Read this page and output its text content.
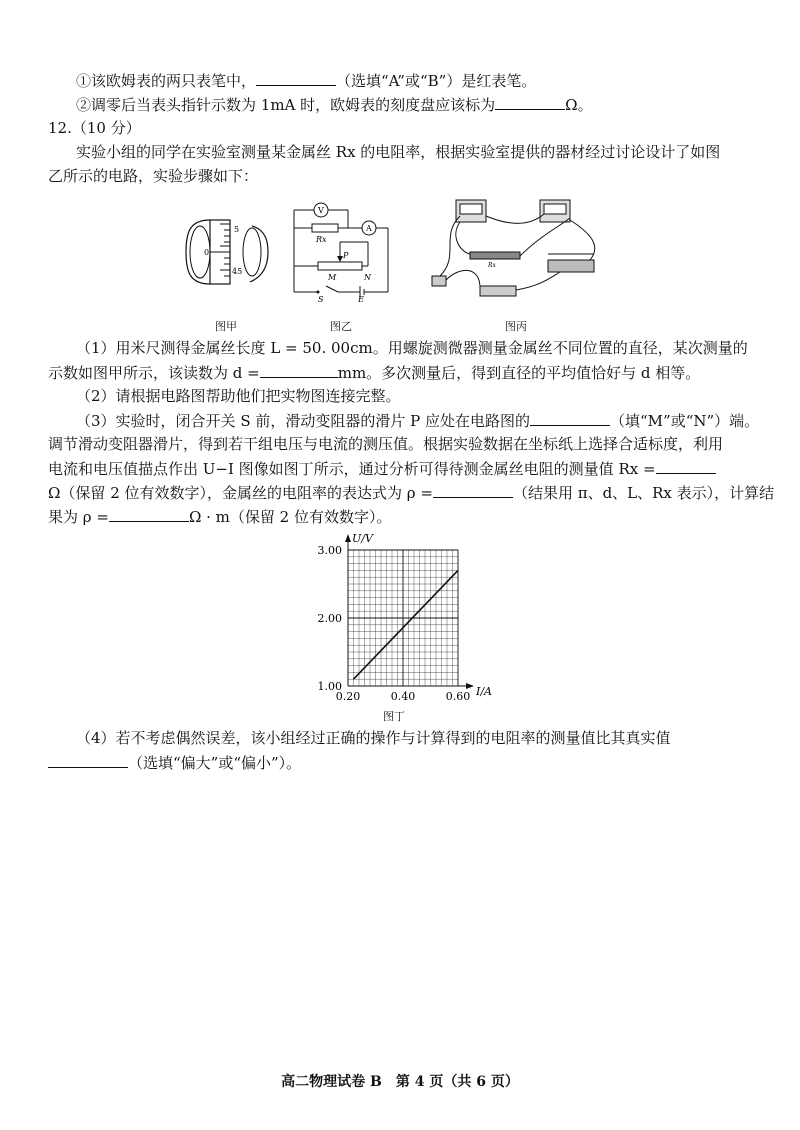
①该欧姆表的两只表笔中，	（选填“A”或“B”）是红表笔。
②调零后当表头指针示数为 1mA 时，欧姆表的刻度盘应该标为	Ω。
12.（10 分）
实验小组的同学在实验室测量某金属丝 Rx 的电阻率，根据实验室提供的器材经过讨论设计了如图
乙所示的电路，实验步骤如下：
5
0
45
图甲
V
A
Rx
P
M	N
S	E
图乙
Rx
图丙
（1）用米尺测得金属丝长度 L = 50. 00cm。用螺旋测微器测量金属丝不同位置的直径，某次测量的
示数如图甲所示，该读数为 d =	mm。多次测量后，得到直径的平均值恰好与 d 相等。
（2）请根据电路图帮助他们把实物图连接完整。
（3）实验时，闭合开关 S 前，滑动变阻器的滑片 P 应处在电路图的	（填“M”或“N”）端。
调节滑动变阻器滑片，得到若干组电压与电流的测压值。根据实验数据在坐标纸上选择合适标度，利用
电流和电压值描点作出 U−I 图像如图丁所示，通过分析可得待测金属丝电阻的测量值 Rx =
Ω（保留 2 位有效数字），金属丝的电阻率的表达式为 ρ =	（结果用 π、d、L、Rx 表示），计算结
果为 ρ =	Ω · m（保留 2 位有效数字）。
U/V
I/A
0.20	0.40	0.60
1.00
2.00
3.00
图丁
（4）若不考虑偶然误差，该小组经过正确的操作与计算得到的电阻率的测量值比其真实值
（选填“偏大”或“偏小”）。
高二物理试卷 B　第 4 页（共 6 页）
